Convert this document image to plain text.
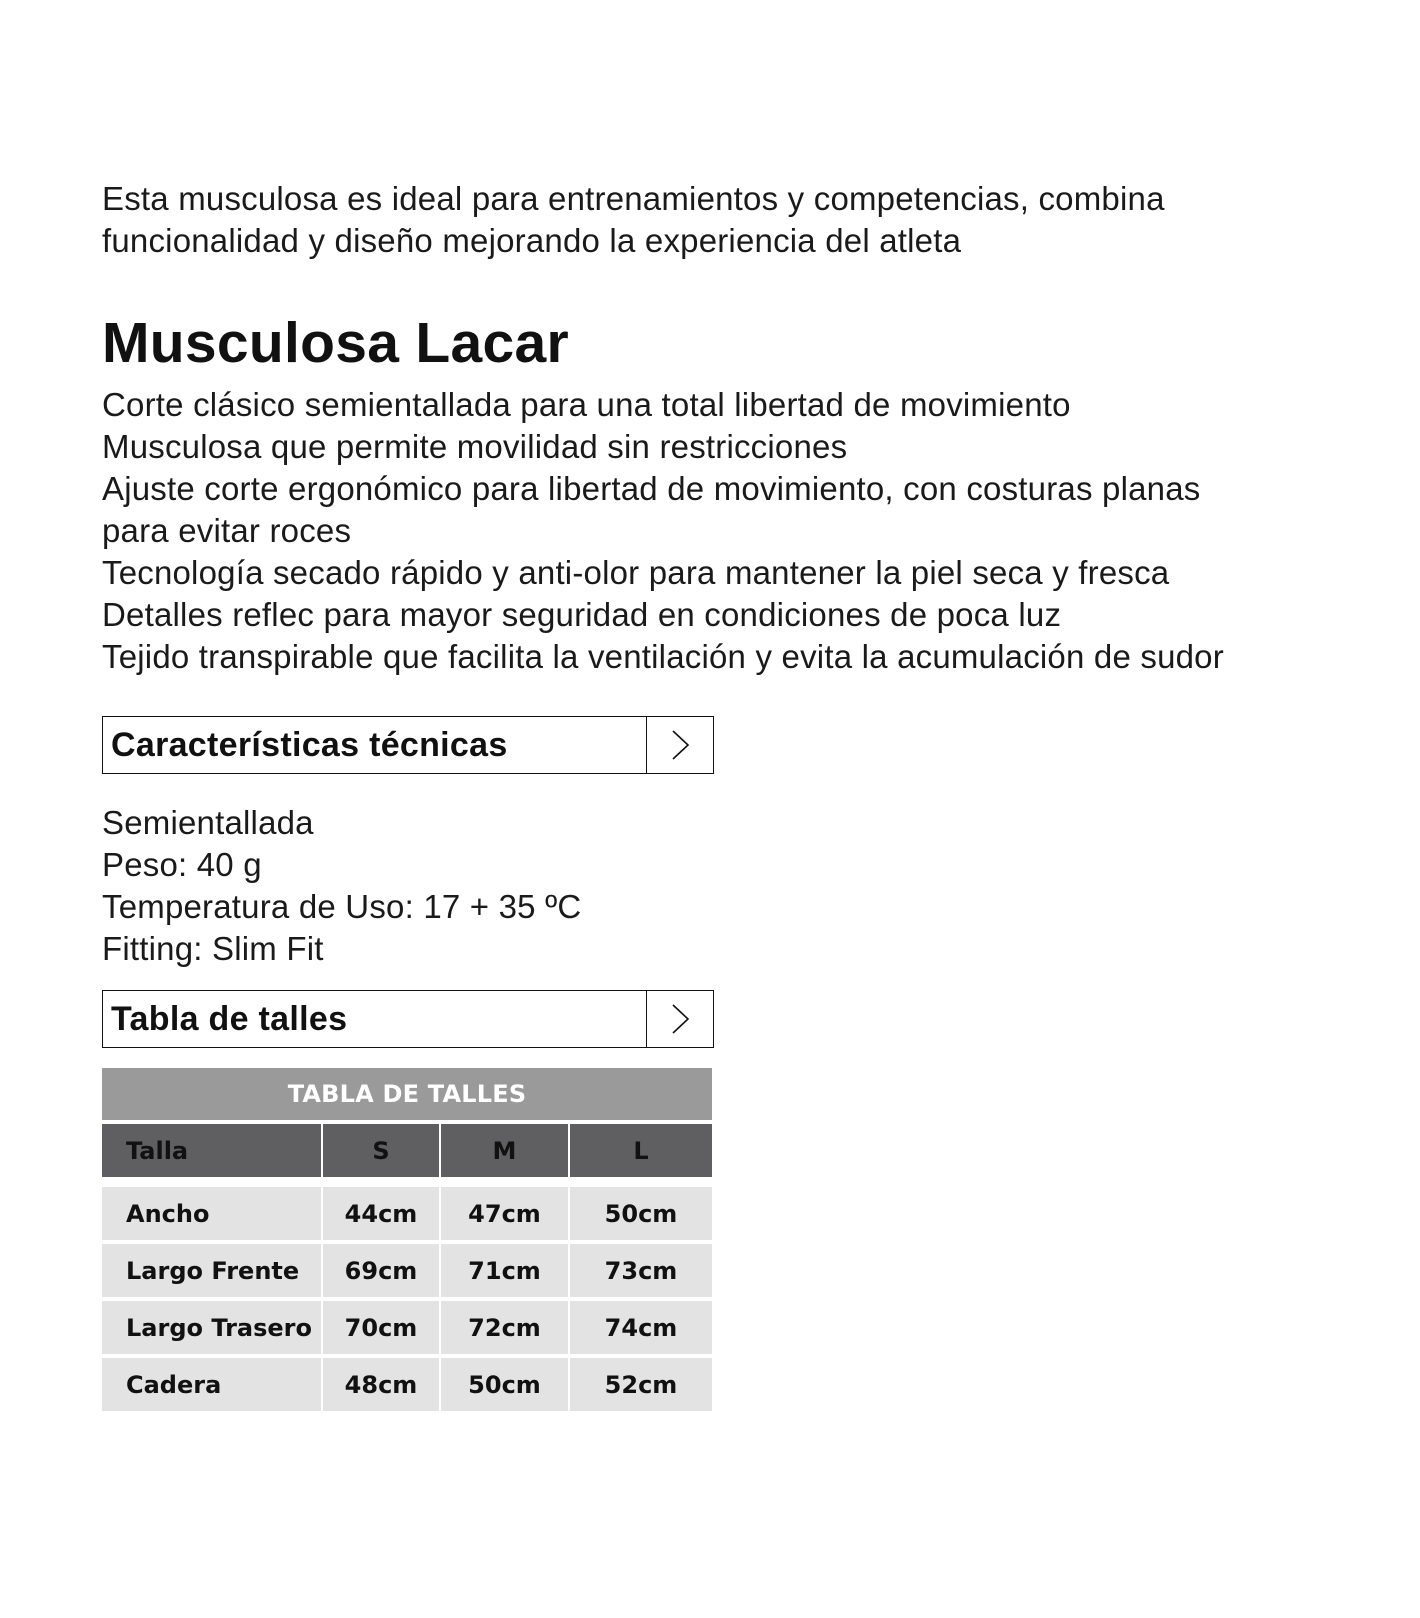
Esta musculosa es ideal para entrenamientos y competencias, combina

funcionalidad y diseño mejorando la experiencia del atleta

Musculosa Lacar

Corte clásico semientallada para una total libertad de movimiento

Musculosa que permite movilidad sin restricciones

Ajuste corte ergonómico para libertad de movimiento, con costuras planas

para evitar roces

Tecnología secado rápido y anti-olor para mantener la piel seca y fresca

Detalles reflec para mayor seguridad en condiciones de poca luz

Tejido transpirable que facilita la ventilación y evita la acumulación de sudor

Características técnicas

Semientallada

Peso: 40 g

Temperatura de Uso: 17 + 35 ºC

Fitting: Slim Fit

Tabla de talles
TABLA DE TALLES
Talla	S	M	L
Ancho	44cm	47cm	50cm
Largo Frente	69cm	71cm	73cm
Largo Trasero	70cm	72cm	74cm
Cadera	48cm	50cm	52cm
